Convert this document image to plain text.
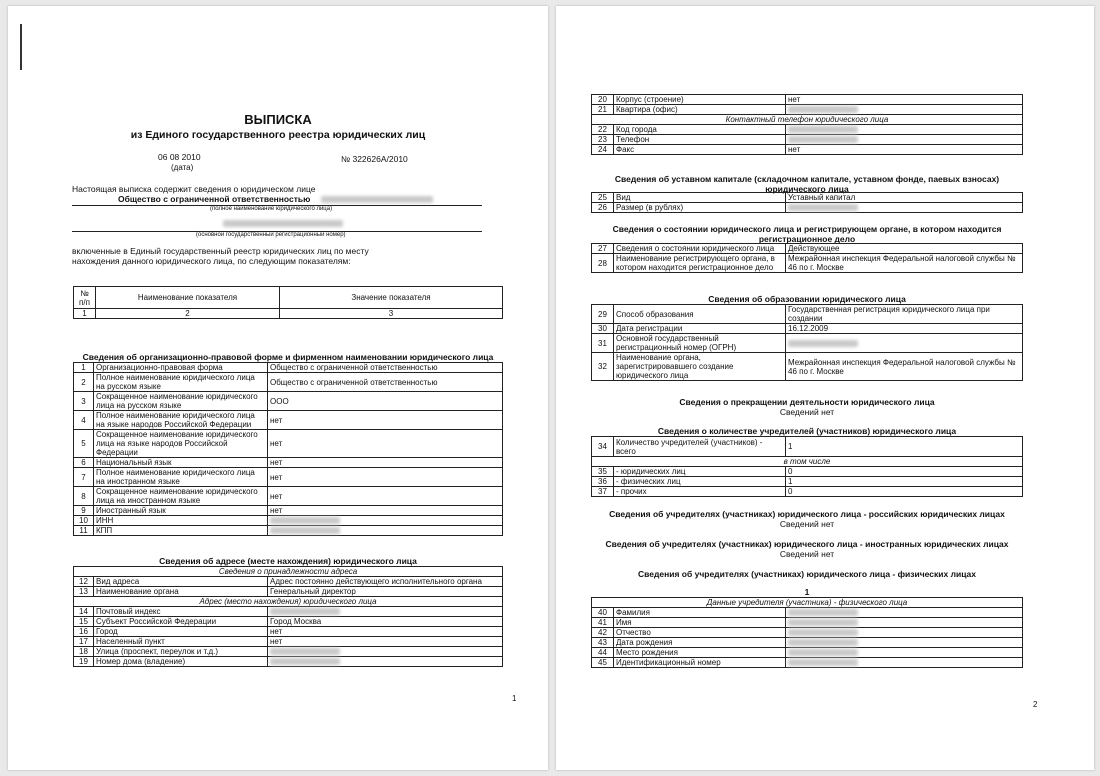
ВЫПИСКА
из Единого государственного реестра юридических лиц
06 08 2010
(дата)
№ 322626А/2010
Настоящая выписка содержит сведения о юридическом лице
Общество с ограниченной ответственностью
(полное наименование юридического лица)
(основной государственный регистрационный номер)
включенные в Единый государственный реестр юридических лиц по месту
нахождения данного юридического лица, по следующим показателям:
№ п/п	Наименование показателя	Значение показателя
1	2	3
Сведения об организационно-правовой форме и фирменном наименовании юридического лица
1	Организационно-правовая форма	Общество с ограниченной ответственностью
2	Полное наименование юридического лица на русском языке	Общество с ограниченной ответственностью
3	Сокращенное наименование юридического лица на русском языке	ООО
4	Полное наименование юридического лица на языке народов Российской Федерации	нет
5	Сокращенное наименование юридического лица на языке народов Российской Федерации	нет
6	Национальный язык	нет
7	Полное наименование юридического лица на иностранном языке	нет
8	Сокращенное наименование юридического лица на иностранном языке	нет
9	Иностранный язык	нет
10	ИНН	
11	КПП	
Сведения об адресе (месте нахождения) юридического лица
Сведения о принадлежности адреса		
12	Вид адреса	Адрес постоянно действующего исполнительного органа
13	Наименование органа	Генеральный директор
Адрес (место нахождения) юридического лица		
14	Почтовый индекс	
15	Субъект Российской Федерации	Город Москва
16	Город	нет
17	Населенный пункт	нет
18	Улица (проспект, переулок и т.д.)	
19	Номер дома (владение)	
1
20	Корпус (строение)	нет
21	Квартира (офис)	
Контактный телефон юридического лица		
22	Код города	
23	Телефон	
24	Факс	нет
Сведения об уставном капитале (складочном капитале, уставном фонде, паевых взносах) юридического лица
25	Вид	Уставный капитал
26	Размер (в рублях)	
Сведения о состоянии юридического лица и регистрирующем органе, в котором находится регистрационное дело
27	Сведения о состоянии юридического лица	Действующее
28	Наименование регистрирующего органа, в котором находится регистрационное дело	Межрайонная инспекция Федеральной налоговой службы № 46 по г. Москве
Сведения об образовании юридического лица
29	Способ образования	Государственная регистрация юридического лица при создании
30	Дата регистрации	16.12.2009
31	Основной государственный регистрационный номер (ОГРН)	
32	Наименование органа, зарегистрировавшего создание юридического лица	Межрайонная инспекция Федеральной налоговой службы № 46 по г. Москве
Сведения о прекращении деятельности юридического лица
Сведений нет
Сведения о количестве учредителей (участников) юридического лица
34	Количество учредителей (участников) - всего	1
в том числе		
35	- юридических лиц	0
36	- физических лиц	1
37	- прочих	0
Сведения об учредителях (участниках) юридического лица - российских юридических лицах
Сведений нет
Сведения об учредителях (участниках) юридического лица - иностранных юридических лицах
Сведений нет
Сведения об учредителях (участниках) юридического лица - физических лицах
1
Данные учредителя (участника) - физического лица		
40	Фамилия	
41	Имя	
42	Отчество	
43	Дата рождения	
44	Место рождения	
45	Идентификационный номер	
2
